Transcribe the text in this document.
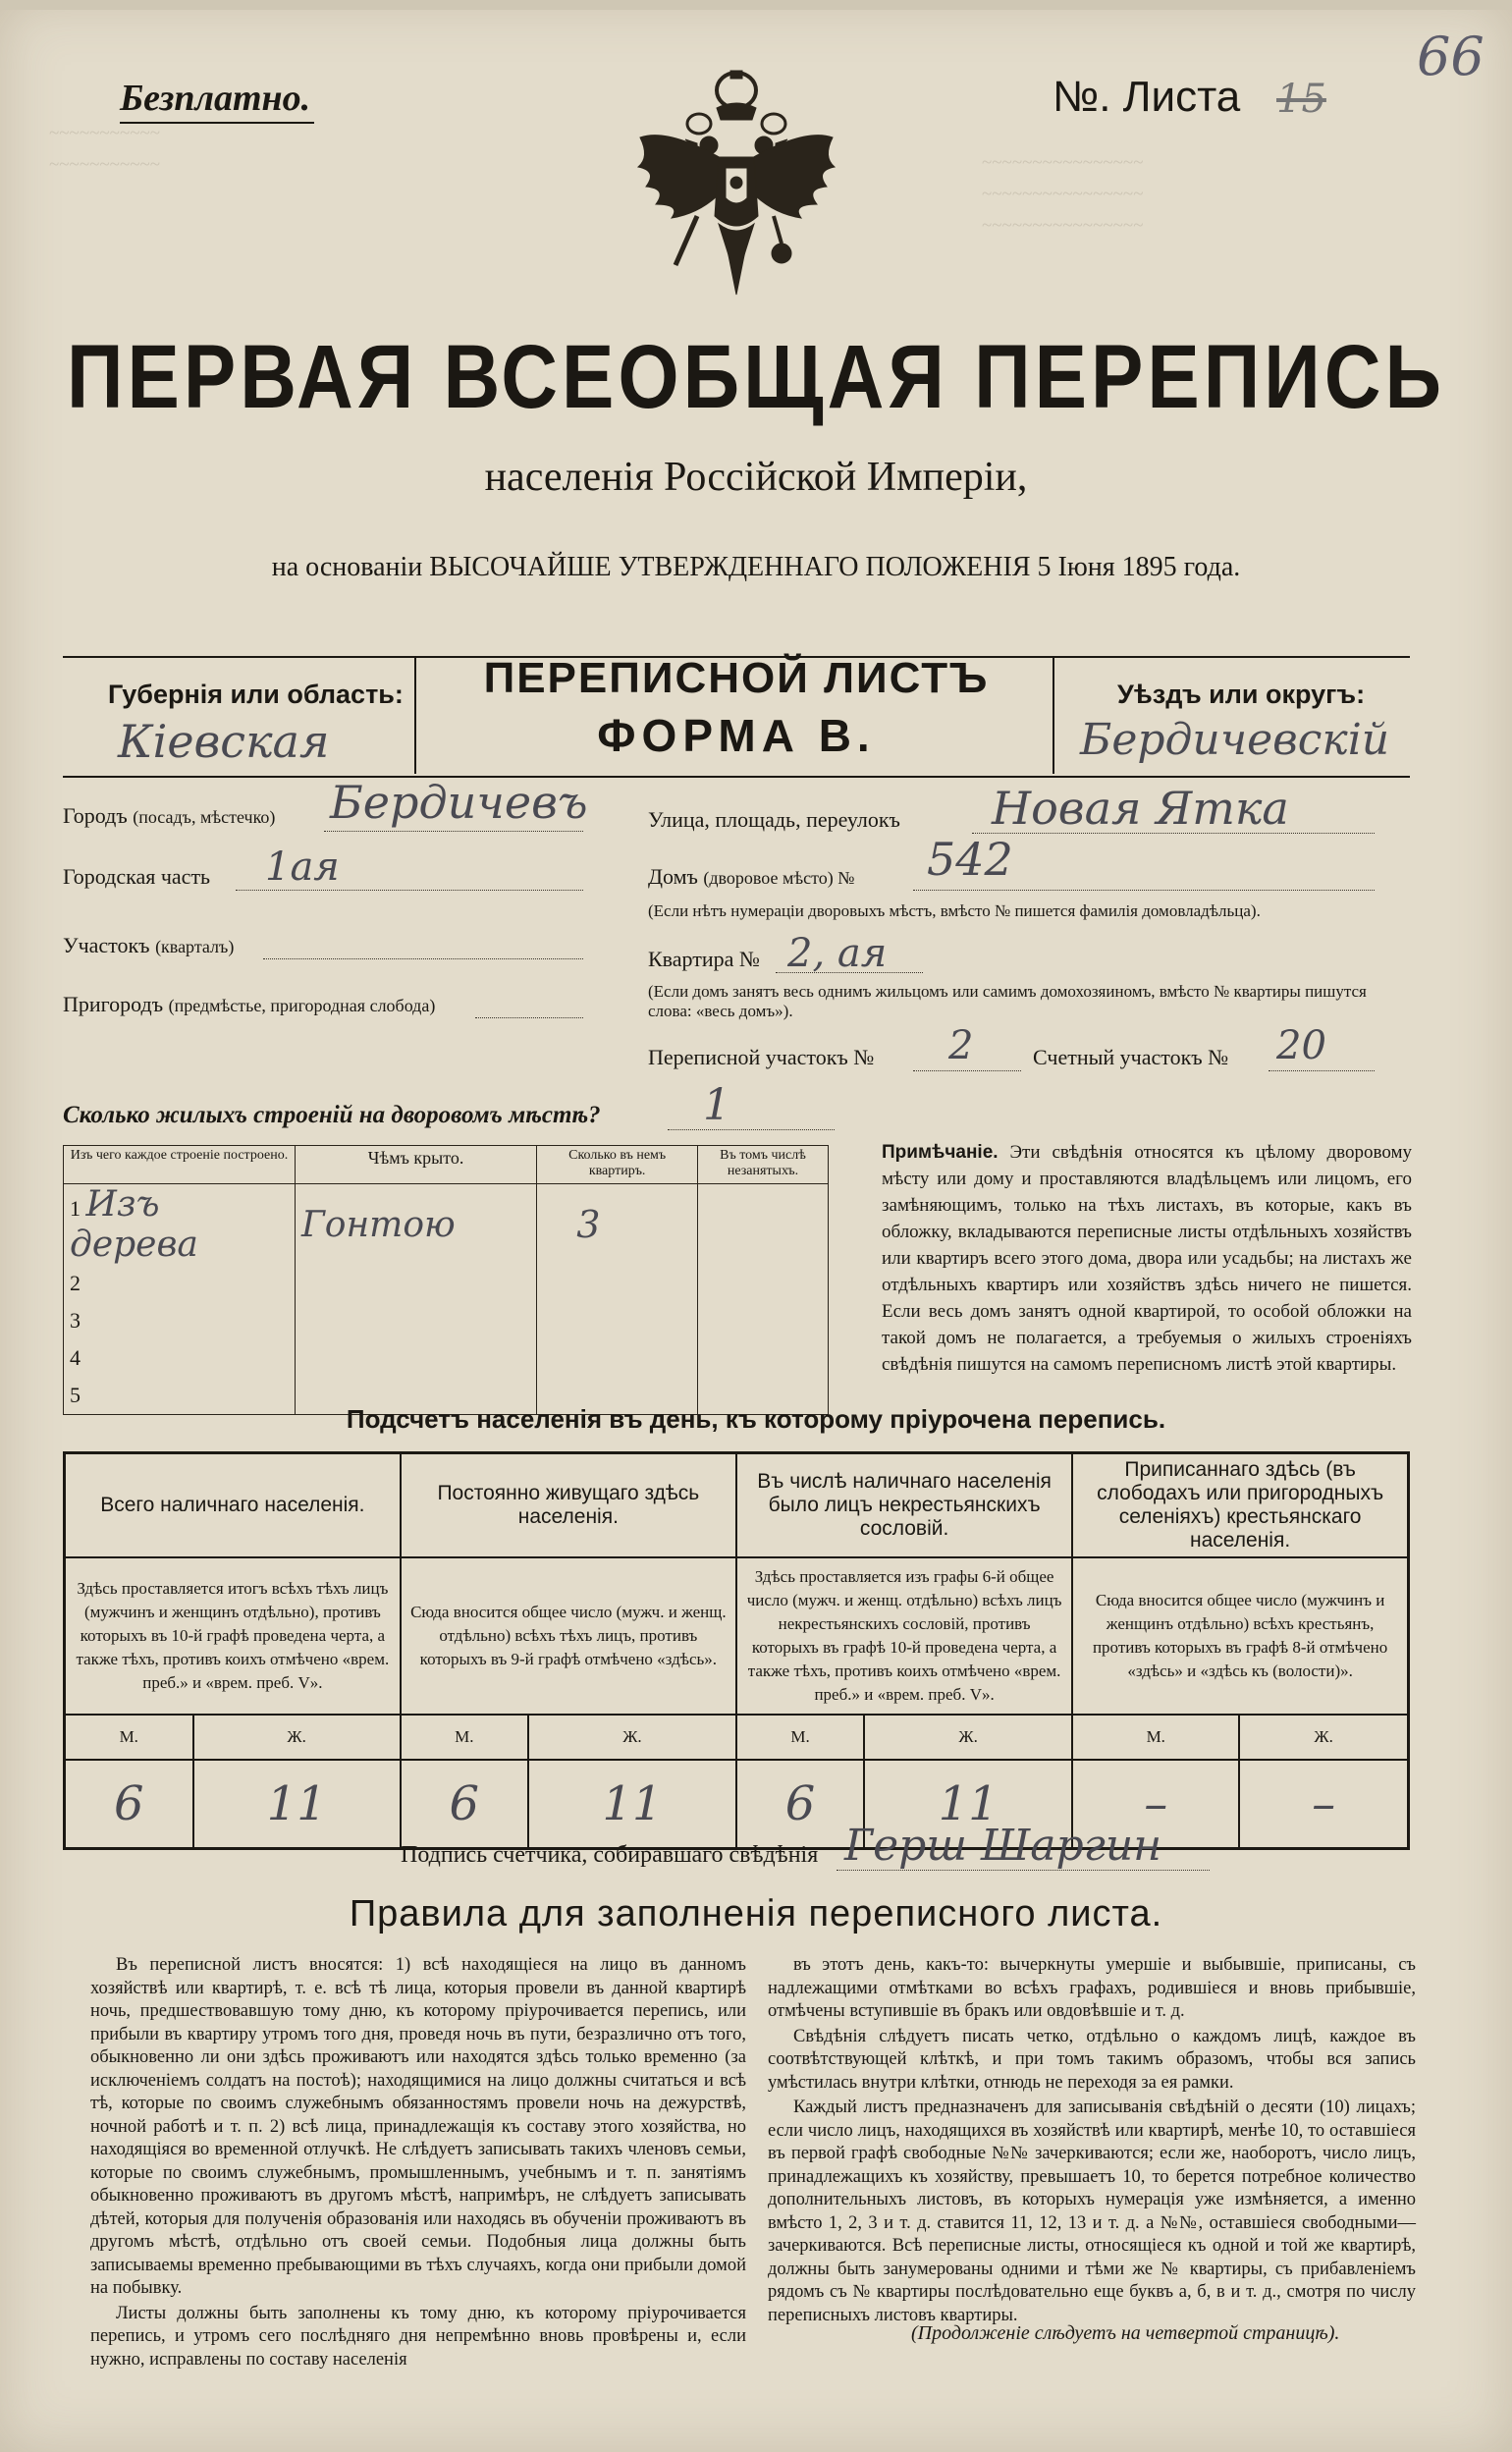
Безплатно.	№. Листа 15
66
~~~~~~~~~~~
~~~~~~~~~~~	~~~~~~~~~~~~~~~~
~~~~~~~~~~~~~~~~
~~~~~~~~~~~~~~~~
ПЕРВАЯ ВСЕОБЩАЯ ПЕРЕПИСЬ
населенія Россійской Имперіи,
на основаніи ВЫСОЧАЙШЕ УТВЕРЖДЕННАГО ПОЛОЖЕНІЯ 5 Іюня 1895 года.
Губернія или область:
Кіевская
ПЕРЕПИСНОЙ ЛИСТЪ
ФОРМА В.
Уѣздъ или округъ:
Бердичевскій
Городъ (посадъ, мѣстечко)	Бердичевъ
Городская часть 1ая
Участокъ (кварталъ)
Пригородъ (предмѣстье, пригородная слобода)
Улица, площадь, переулокъ Новая Ятка
Домъ (дворовое мѣсто) № 542
(Если нѣтъ нумераціи дворовыхъ мѣстъ, вмѣсто № пишется фамилія домовладѣльца).
Квартира № 2, ая
(Если домъ занятъ весь однимъ жильцомъ или самимъ домохозяиномъ, вмѣсто № квартиры пишутся слова: «весь домъ»).
Переписной участокъ № 2	Счетный участокъ № 20
Сколько жилыхъ строеній на дворовомъ мѣстѣ? 1
Изъ чего каждое строеніе построено.	Чѣмъ крыто.	Сколько въ немъ квартиръ.	Въ томъ числѣ незанятыхъ.
1 Изъ дерева	Гонтою	3	
2			
3			
4			
5			
Примѣчаніе. Эти свѣдѣнія относятся къ цѣлому дворовому мѣсту или дому и проставляются владѣльцемъ или лицомъ, его замѣняющимъ, только на тѣхъ листахъ, въ которые, какъ въ обложку, вкладываются переписные листы отдѣльныхъ хозяйствъ или квартиръ всего этого дома, двора или усадьбы; на листахъ же отдѣльныхъ квартиръ или хозяйствъ здѣсь ничего не пишется. Если весь домъ занятъ одной квартирой, то особой обложки на такой домъ не полагается, а требуемыя о жилыхъ строеніяхъ свѣдѣнія пишутся на самомъ переписномъ листѣ этой квартиры.
Подсчетъ населенія въ день, къ которому пріурочена перепись.
Всего наличнаго населенія.		Постоянно живущаго здѣсь населенія.		Въ числѣ наличнаго населенія было лицъ некрестьянскихъ сословій.		Приписаннаго здѣсь (въ слободахъ или пригородныхъ селеніяхъ) крестьянскаго населенія.	
Здѣсь проставляется итогъ всѣхъ тѣхъ лицъ (мужчинъ и женщинъ отдѣльно), противъ которыхъ въ 10-й графѣ проведена черта, а также тѣхъ, противъ коихъ отмѣчено «врем. преб.» и «врем. преб. V».		Сюда вносится общее число (мужч. и женщ. отдѣльно) всѣхъ тѣхъ лицъ, противъ которыхъ въ 9-й графѣ отмѣчено «здѣсь».		Здѣсь проставляется изъ графы 6-й общее число (мужч. и женщ. отдѣльно) всѣхъ лицъ некрестьянскихъ сословій, противъ которыхъ въ графѣ 10-й проведена черта, а также тѣхъ, противъ коихъ отмѣчено «врем. преб.» и «врем. преб. V».		Сюда вносится общее число (мужчинъ и женщинъ отдѣльно) всѣхъ крестьянъ, противъ которыхъ въ графѣ 8-й отмѣчено «здѣсь» и «здѣсь къ (волости)».	
М.	Ж.	М.	Ж.	М.	Ж.	М.	Ж.
6	11	6	11	6	11	–	–
Подпись счетчика, собиравшаго свѣдѣнія Герш Шаргин
Правила для заполненія переписного листа.

Въ переписной листъ вносятся: 1) всѣ находящіеся на лицо въ данномъ хозяйствѣ или квартирѣ, т. е. всѣ тѣ лица, которыя провели въ данной квартирѣ ночь, предшествовавшую тому дню, къ которому пріурочивается перепись, или прибыли въ квартиру утромъ того дня, проведя ночь въ пути, безразлично отъ того, обыкновенно ли они здѣсь проживаютъ или находятся здѣсь только временно (за исключеніемъ солдатъ на постоѣ); находящимися на лицо должны считаться и всѣ тѣ, которые по своимъ служебнымъ обязанностямъ провели ночь на дежурствѣ, ночной работѣ и т. п. 2) всѣ лица, принадлежащія къ составу этого хозяйства, но находящіяся во временной отлучкѣ. Не слѣдуетъ записывать такихъ членовъ семьи, которые по своимъ служебнымъ, промышленнымъ, учебнымъ и т. п. занятіямъ обыкновенно проживаютъ въ другомъ мѣстѣ, напримѣръ, не слѣдуетъ записывать дѣтей, которыя для полученія образованія или находясь въ обученіи проживаютъ въ другомъ мѣстѣ, отдѣльно отъ своей семьи. Подобныя лица должны быть записываемы временно пребывающими въ тѣхъ случаяхъ, когда они прибыли домой на побывку.

Листы должны быть заполнены къ тому дню, къ которому пріурочивается перепись, и утромъ сего послѣдняго дня непремѣнно вновь провѣрены и, если нужно, исправлены по составу населенія

въ этотъ день, какъ-то: вычеркнуты умершіе и выбывшіе, приписаны, съ надлежащими отмѣтками во всѣхъ графахъ, родившіеся и вновь прибывшіе, отмѣчены вступившіе въ бракъ или овдовѣвшіе и т. д.

Свѣдѣнія слѣдуетъ писать четко, отдѣльно о каждомъ лицѣ, каждое въ соотвѣтствующей клѣткѣ, и при томъ такимъ образомъ, чтобы вся запись умѣстилась внутри клѣтки, отнюдь не переходя за ея рамки.

Каждый листъ предназначенъ для записыванія свѣдѣній о десяти (10) лицахъ; если число лицъ, находящихся въ хозяйствѣ или квартирѣ, менѣе 10, то оставшіеся въ первой графѣ свободные №№ зачеркиваются; если же, наоборотъ, число лицъ, принадлежащихъ къ хозяйству, превышаетъ 10, то берется потребное количество дополнительныхъ листовъ, въ которыхъ нумерація уже измѣняется, а именно вмѣсто 1, 2, 3 и т. д. ставится 11, 12, 13 и т. д. а №№, оставшіеся свободными—зачеркиваются. Всѣ переписные листы, относящіеся къ одной и той же квартирѣ, должны быть занумерованы одними и тѣми же № квартиры, съ прибавленіемъ рядомъ съ № квартиры послѣдовательно еще буквъ а, б, в и т. д., смотря по числу переписныхъ листовъ квартиры.

(Продолженіе слѣдуетъ на четвертой страницѣ).
